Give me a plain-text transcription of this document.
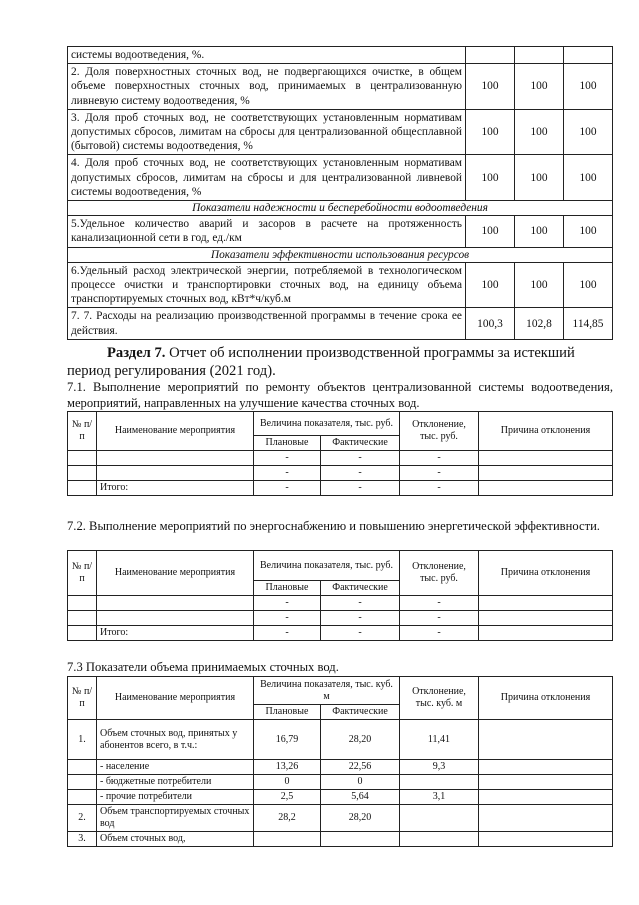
системы водоотведения, %.			
2. Доля поверхностных сточных вод, не подвергающихся очистке, в общем объеме поверхностных сточных вод, принимаемых в централизованную ливневую систему водоотведения, %	100	100	100
3. Доля проб сточных вод, не соответствующих установленным нормативам допустимых сбросов, лимитам на сбросы для централизованной общесплавной (бытовой) системы водоотведения, %	100	100	100
4. Доля проб сточных вод, не соответствующих установленным нормативам допустимых сбросов, лимитам на сбросы и для централизованной ливневой системы водоотведения, %	100	100	100
Показатели надежности и бесперебойности водоотведения			
5.Удельное количество аварий и засоров в расчете на протяженность канализационной сети в год, ед./км	100	100	100
Показатели эффективности использования ресурсов			
6.Удельный расход электрической энергии, потребляемой в технологическом процессе очистки и транспортировки сточных вод, на единицу объема транспортируемых сточных вод, кВт*ч/куб.м	100	100	100
7. 7. Расходы на реализацию производственной программы в течение срока ее действия.	100,3	102,8	114,85
Раздел 7. Отчет об исполнении производственной программы за истекший период регулирования (2021 год).
7.1. Выполнение мероприятий по ремонту объектов централизованной системы водоотведения, мероприятий, направленных на улучшение качества сточных вод.
№ п/п	Наименование мероприятия	Величина показателя, тыс. руб.		Отклонение, тыс. руб.	Причина отклонения
		Плановые	Фактические		
		-	-	-	
		-	-	-	
	Итого:	-	-	-	
7.2. Выполнение мероприятий по энергоснабжению и повышению энергетической эффективности.
№ п/п	Наименование мероприятия	Величина показателя, тыс. руб.		Отклонение, тыс. руб.	Причина отклонения
		Плановые	Фактические		
		-	-	-	
		-	-	-	
	Итого:	-	-	-	
7.3 Показатели объема принимаемых сточных вод.
№ п/п	Наименование мероприятия	Величина показателя, тыс. куб. м		Отклонение, тыс. куб. м	Причина отклонения
		Плановые	Фактические		
1.	Объем сточных вод, принятых у абонентов всего, в т.ч.:	16,79	28,20	11,41	
	- население	13,26	22,56	9,3	
	- бюджетные потребители	0	0		
	- прочие потребители	2,5	5,64	3,1	
2.	Объем транспортируемых сточных вод	28,2	28,20		
3.	Объем сточных вод,				
